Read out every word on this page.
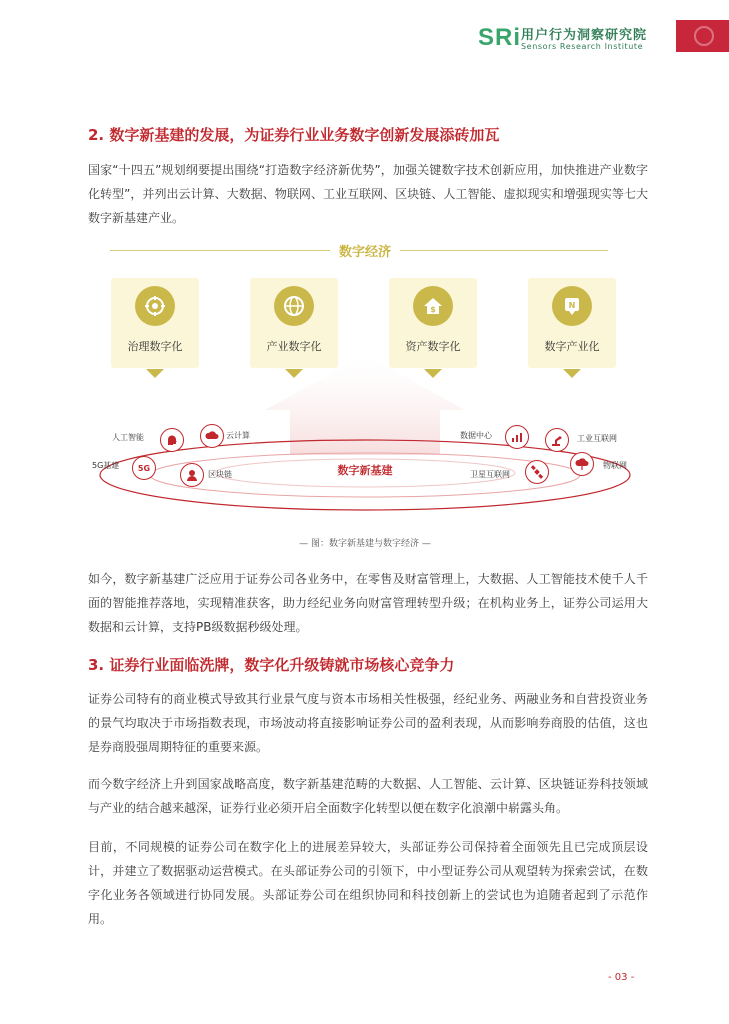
SRi 用户行为洞察研究院
Sensors Research Institute
2. 数字新基建的发展，为证券行业业务数字创新发展添砖加瓦
国家“十四五”规划纲要提出围绕“打造数字经济新优势”，加强关键数字技术创新应用，加快推进产业数字化转型”，并列出云计算、大数据、物联网、工业互联网、区块链、人工智能、虚拟现实和增强现实等七大数字新基建产业。
数字经济
治理数字化	产业数字化
$
资产数字化
N
数字产业化
数字新基建
人工智能	云计算
5G基建	5G
区块链
数据中心	工业互联网
卫星互联网
物联网
— 图：数字新基建与数字经济 —
如今，数字新基建广泛应用于证券公司各业务中，在零售及财富管理上，大数据、人工智能技术使千人千面的智能推荐落地，实现精准获客，助力经纪业务向财富管理转型升级；在机构业务上，证券公司运用大数据和云计算，支持PB级数据秒级处理。
3. 证券行业面临洗牌，数字化升级铸就市场核心竞争力
证券公司特有的商业模式导致其行业景气度与资本市场相关性极强，经纪业务、两融业务和自营投资业务的景气均取决于市场指数表现，市场波动将直接影响证券公司的盈利表现，从而影响券商股的估值，这也是券商股强周期特征的重要来源。
而今数字经济上升到国家战略高度，数字新基建范畴的大数据、人工智能、云计算、区块链证券科技领域与产业的结合越来越深，证券行业必须开启全面数字化转型以便在数字化浪潮中崭露头角。
目前，不同规模的证券公司在数字化上的进展差异较大，头部证券公司保持着全面领先且已完成顶层设计，并建立了数据驱动运营模式。在头部证券公司的引领下，中小型证券公司从观望转为探索尝试，在数字化业务各领域进行协同发展。头部证券公司在组织协同和科技创新上的尝试也为追随者起到了示范作用。
- 03 -
